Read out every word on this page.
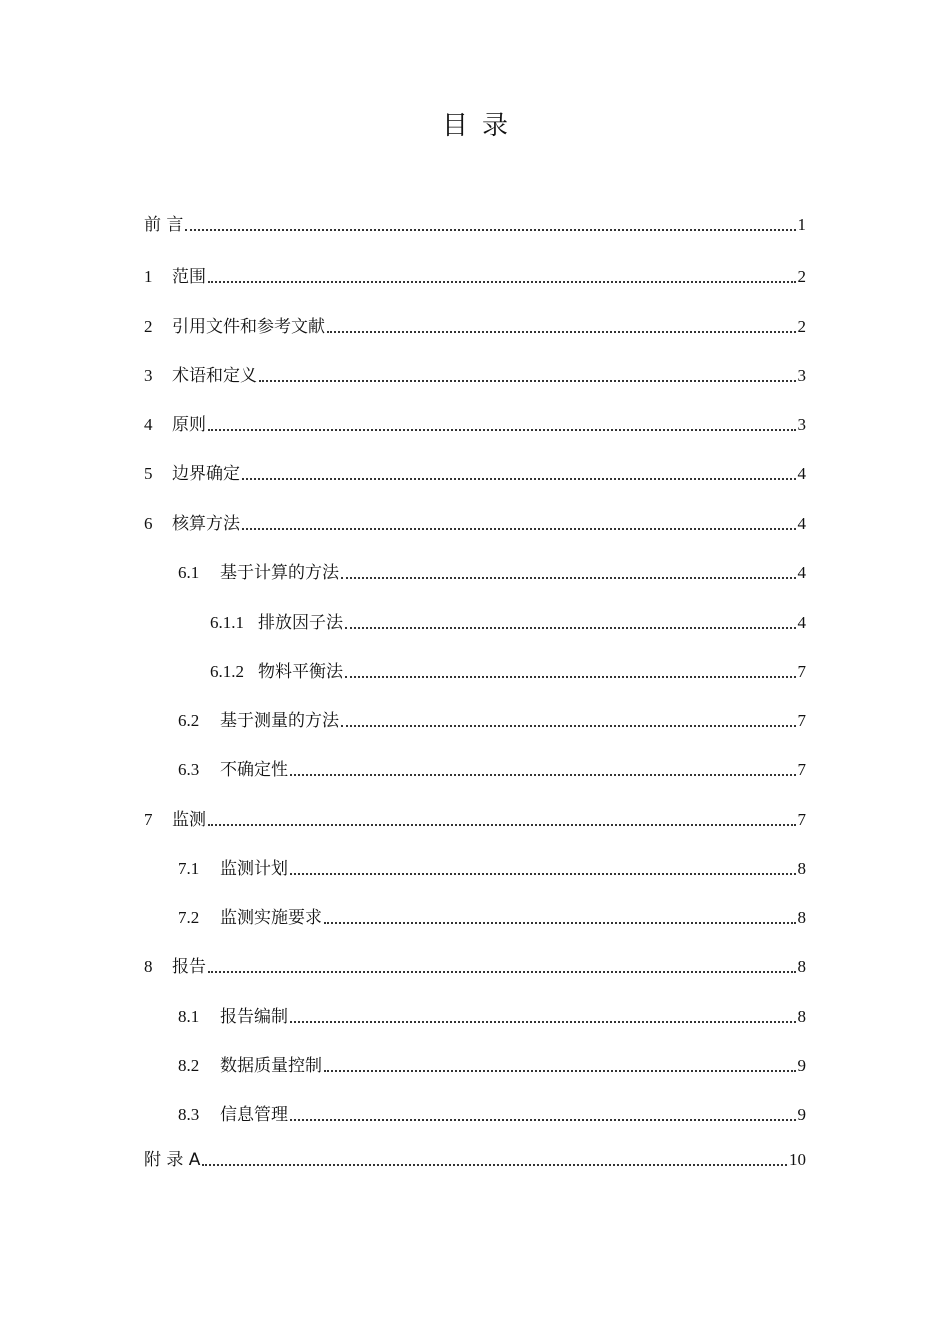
目录
前 言	1
1	范围	2
2	引用文件和参考文献	2
3	术语和定义	3
4	原则	3
5	边界确定	4
6	核算方法	4
6.1	基于计算的方法	4
6.1.1 排放因子法	4
6.1.2 物料平衡法	7
6.2	基于测量的方法	7
6.3	不确定性	7
7	监测	7
7.1	监测计划	8
7.2	监测实施要求	8
8	报告	8
8.1	报告编制	8
8.2	数据质量控制	9
8.3	信息管理	9
附 录 A	10
